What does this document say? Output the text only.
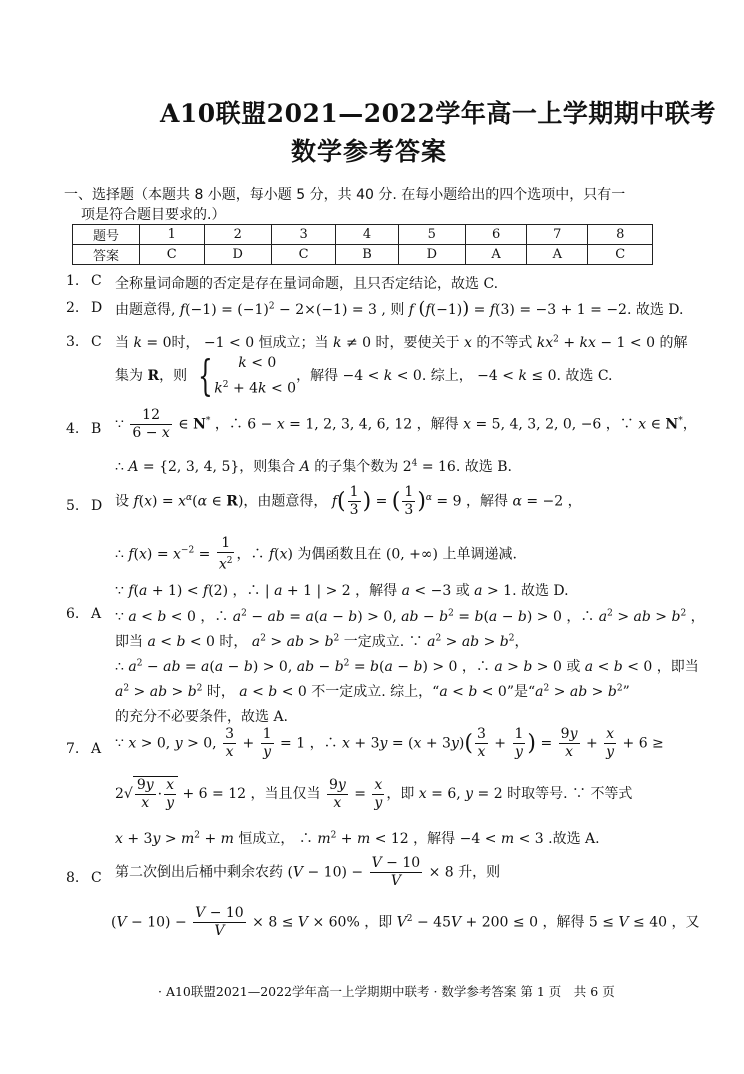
A10联盟2021—2022学年高一上学期期中联考
数学参考答案
一、选择题（本题共 8 小题，每小题 5 分，共 40 分. 在每小题给出的四个选项中，只有一
项是符合题目要求的.）
题号	1	2	3	4	5	6	7	8
答案	C	D	C	B	D	A	A	C
1. C 全称量词命题的否定是存在量词命题，且只否定结论，故选 C.
2. D 由题意得, $f(-1) = (-1)^2 - 2\times(-1) = 3$ , 则 f (f(−1)) = f(3) = −3 + 1 = −2. 故选 D.
3. C 当 k = 0时， −1 < 0 恒成立；当 k ≠ 0 时，要使关于 x 的不等式 $kx^2$ + kx − 1 < 0 的解
集为 R，则 {	k < 0
$k^2 + 4k < 0$
，解得 −4 < k < 0. 综上， −4 < k ≤ 0. 故选 C.
4. B ∵ $\frac{12}{6 - x}$ ∈ N* ，∴ 6 − x = 1, 2, 3, 4, 6, 12 ，解得 x = 5, 4, 3, 2, 0, −6 ，∵ x ∈ N*，
∴ A = {2, 3, 4, 5}，则集合 A 的子集个数为 $2^4 = 16$. 故选 B.
5. D 设 $f(x) = x^\alpha(\alpha$ ∈ R)，由题意得， $f( \frac{1}{3}$ ) = ( $\frac{1}{3} )^\alpha = 9$ ，解得 α = −2 ，
∴ $f(x) = x^{-2} = \frac{1}{x^2}$ ，∴ f(x) 为偶函数且在 (0, +∞) 上单调递减.
∵ f(a + 1) < f(2) ，∴ | a + 1 | > 2 ，解得 a < −3 或 a > 1. 故选 D.
6. A ∵ a < b < 0 ，∴ $a^2$ − ab = a(a − b) > 0, ab − $b^2 = b(a - b) > 0$ ，∴ $a^2$ > ab > $b^2$ ，
即当 a < b < 0 时， $a^2$ > ab > $b^2$ 一定成立. ∵ $a^2$ > ab > $b^2$，
∴ $a^2$ − ab = a(a − b) > 0, ab − $b^2 = b(a - b) > 0$ ，∴ a > b > 0 或 a < b < 0 ，即当
$a^2$ > ab > $b^2$ 时， a < b < 0 不一定成立. 综上，“a < b < 0”是“$a^2$ > ab > $b^2$”
的充分不必要条件，故选 A.
7. A ∵ x > 0, y > 0, $\frac{3}{x} + \frac{1}{y} = 1$ ，∴ $x + 3y = (x + 3y)( \frac{3}{x} + \frac{1}{y}$ ) = $\frac{9y}{x} + \frac{x}{y} + 6$ ≥
$2√ \frac{9y}{x} \cdot \frac{x}{y} + 6 = 12$ ，当且仅当 $\frac{9y}{x} = \frac{x}{y}$ ，即 x = 6, y = 2 时取等号. ∵ 不等式
$x + 3y > m^2 + m$ 恒成立， ∴ $m^2 + m < 12$ ，解得 −4 < m < 3 .故选 A.
8. C 第二次倒出后桶中剩余农药 $(V - 10) - \frac{V - 10}{V} \times 8$ 升，则
$(V - 10) - \frac{V - 10}{V} \times 8 \le V \times 60\%$ ，即 $V^2 - 45V + 200 \le 0$ ，解得 5 ≤ V ≤ 40 ，又
· A10联盟2021—2022学年高一上学期期中联考 · 数学参考答案 第 1 页　共 6 页
